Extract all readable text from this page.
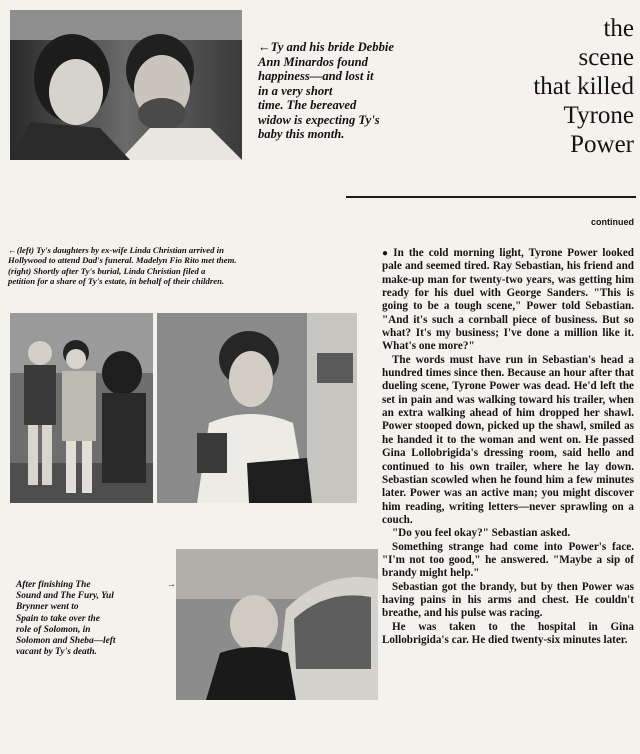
←Ty and his bride Debbie
Ann Minardos found
happiness—and lost it
in a very short
time. The bereaved
widow is expecting Ty's
baby this month.
the
scene
that killed
Tyrone
Power
continued
←(left) Ty's daughters by ex-wife Linda Christian arrived in
Hollywood to attend Dad's funeral. Madelyn Fio Rito met them.
(right) Shortly after Ty's burial, Linda Christian filed a
petition for a share of Ty's estate, in behalf of their children.
After finishing The
Sound and The Fury, Yul
Brynner went to
Spain to take over the
role of Solomon, in
Solomon and Sheba—left
vacant by Ty's death.
→

● In the cold morning light, Tyrone Power looked pale and seemed tired. Ray Sebastian, his friend and make-up man for twenty-two years, was getting him ready for his duel with George Sanders. "This is going to be a tough scene," Power told Sebastian. "And it's such a cornball piece of business. But so what? It's my business; I've done a million like it. What's one more?"

The words must have run in Sebastian's head a hundred times since then. Because an hour after that dueling scene, Tyrone Power was dead. He'd left the set in pain and was walking toward his trailer, when an extra walking ahead of him dropped her shawl. Power stooped down, picked up the shawl, smiled as he handed it to the woman and went on. He passed Gina Lollobrigida's dressing room, said hello and continued to his own trailer, where he lay down. Sebastian scowled when he found him a few minutes later. Power was an active man; you might discover him reading, writing letters—never sprawling on a couch.

"Do you feel okay?" Sebastian asked.

Something strange had come into Power's face. "I'm not too good," he answered. "Maybe a sip of brandy might help."

Sebastian got the brandy, but by then Power was having pains in his arms and chest. He couldn't breathe, and his pulse was racing.

He was taken to the hospital in Gina Lollobrigida's car. He died twenty-six minutes later.
